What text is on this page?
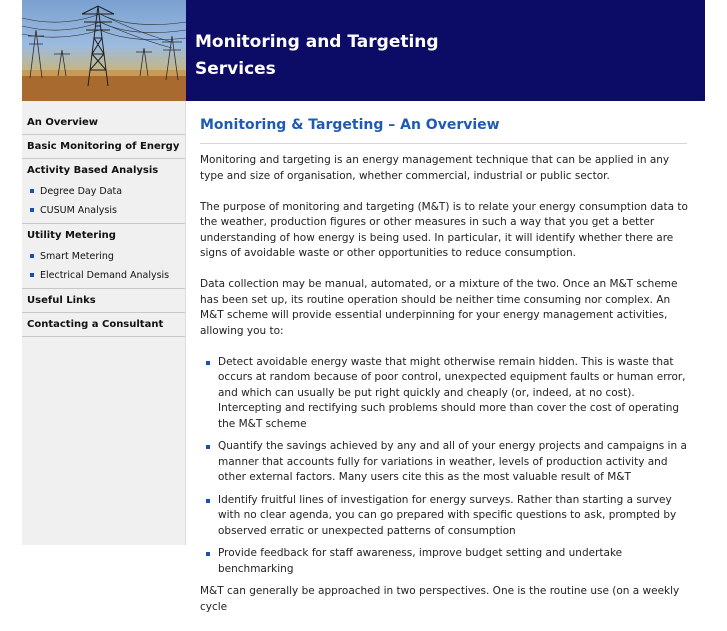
Monitoring and Targeting Services
An Overview
Basic Monitoring of Energy
Activity Based Analysis
Degree Day Data
CUSUM Analysis
Utility Metering
Smart Metering
Electrical Demand Analysis
Useful Links
Contacting a Consultant
Monitoring & Targeting – An Overview

Monitoring and targeting is an energy management technique that can be applied in any type and size of organisation, whether commercial, industrial or public sector.

The purpose of monitoring and targeting (M&T) is to relate your energy consumption data to the weather, production figures or other measures in such a way that you get a better understanding of how energy is being used. In particular, it will identify whether there are signs of avoidable waste or other opportunities to reduce consumption.

Data collection may be manual, automated, or a mixture of the two. Once an M&T scheme has been set up, its routine operation should be neither time consuming nor complex. An M&T scheme will provide essential underpinning for your energy management activities, allowing you to:

Detect avoidable energy waste that might otherwise remain hidden. This is waste that occurs at random because of poor control, unexpected equipment faults or human error, and which can usually be put right quickly and cheaply (or, indeed, at no cost). Intercepting and rectifying such problems should more than cover the cost of operating the M&T scheme
Quantify the savings achieved by any and all of your energy projects and campaigns in a manner that accounts fully for variations in weather, levels of production activity and other external factors. Many users cite this as the most valuable result of M&T
Identify fruitful lines of investigation for energy surveys. Rather than starting a survey with no clear agenda, you can go prepared with specific questions to ask, prompted by observed erratic or unexpected patterns of consumption
Provide feedback for staff awareness, improve budget setting and undertake benchmarking

M&T can generally be approached in two perspectives. One is the routine use (on a weekly cycle
